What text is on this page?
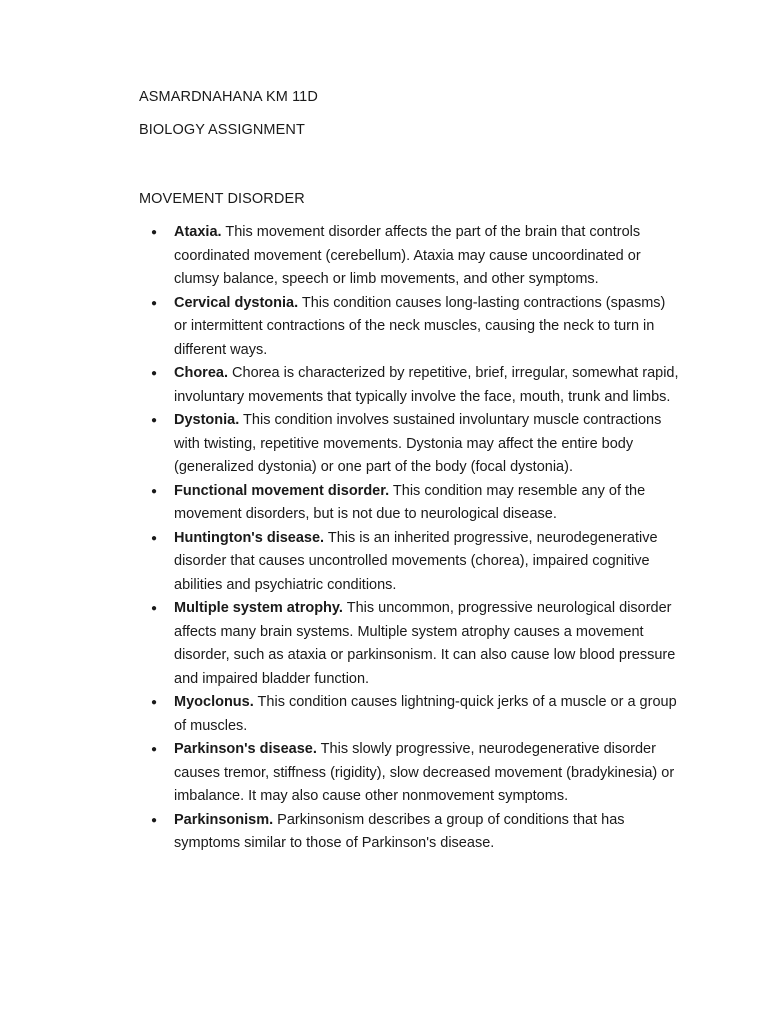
ASMARDNAHANA KM 11D
BIOLOGY ASSIGNMENT
MOVEMENT DISORDER
● Ataxia. This movement disorder affects the part of the brain that controls coordinated movement (cerebellum). Ataxia may cause uncoordinated or clumsy balance, speech or limb movements, and other symptoms.
● Cervical dystonia. This condition causes long-lasting contractions (spasms) or intermittent contractions of the neck muscles, causing the neck to turn in different ways.
● Chorea. Chorea is characterized by repetitive, brief, irregular, somewhat rapid, involuntary movements that typically involve the face, mouth, trunk and limbs.
● Dystonia. This condition involves sustained involuntary muscle contractions with twisting, repetitive movements. Dystonia may affect the entire body (generalized dystonia) or one part of the body (focal dystonia).
● Functional movement disorder. This condition may resemble any of the movement disorders, but is not due to neurological disease.
● Huntington's disease. This is an inherited progressive, neurodegenerative disorder that causes uncontrolled movements (chorea), impaired cognitive abilities and psychiatric conditions.
● Multiple system atrophy. This uncommon, progressive neurological disorder affects many brain systems. Multiple system atrophy causes a movement disorder, such as ataxia or parkinsonism. It can also cause low blood pressure and impaired bladder function.
● Myoclonus. This condition causes lightning-quick jerks of a muscle or a group of muscles.
● Parkinson's disease. This slowly progressive, neurodegenerative disorder causes tremor, stiffness (rigidity), slow decreased movement (bradykinesia) or imbalance. It may also cause other nonmovement symptoms.
● Parkinsonism. Parkinsonism describes a group of conditions that has symptoms similar to those of Parkinson's disease.
